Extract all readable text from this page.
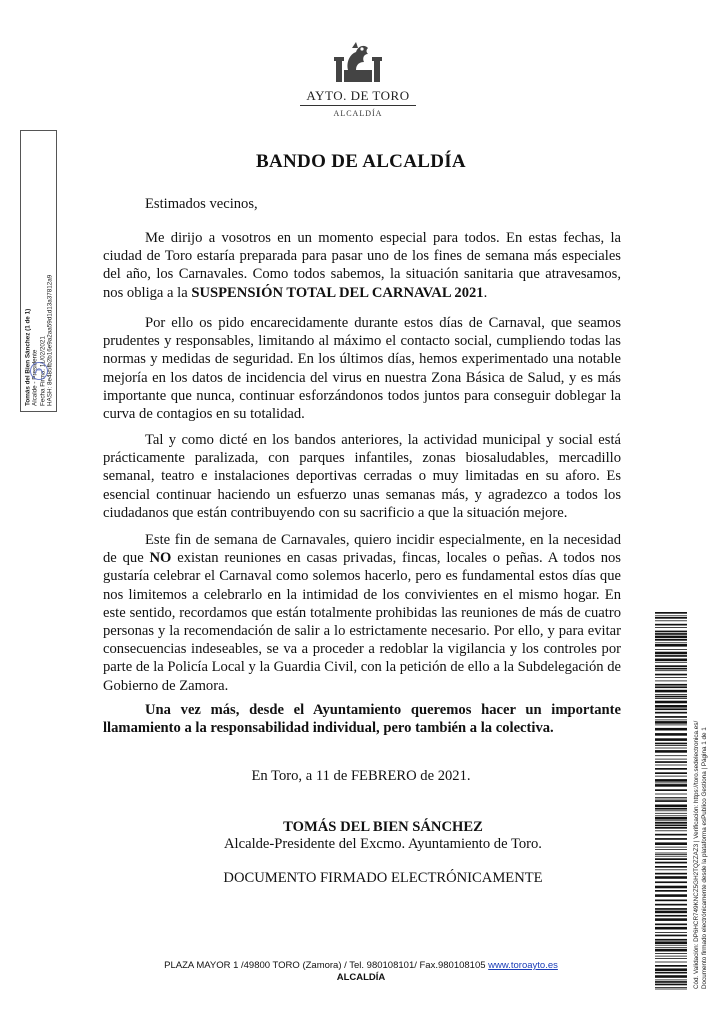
AYTO. DE TORO
ALCALDÍA
Tomás del Bien Sánchez (1 de 1) Alcalde - Presidente Fecha Firma: 11/02/2021 HASH: 8e485fb2b16e9a2aa59d1d13a37812a9
BANDO DE ALCALDÍA
Estimados vecinos,

Me dirijo a vosotros en un momento especial para todos. En estas fechas, la ciudad de Toro estaría preparada para pasar uno de los fines de semana más especiales del año, los Carnavales. Como todos sabemos, la situación sanitaria que atravesamos, nos obliga a la SUSPENSIÓN TOTAL DEL CARNAVAL 2021.

Por ello os pido encarecidamente durante estos días de Carnaval, que seamos prudentes y responsables, limitando al máximo el contacto social, cumpliendo todas las normas y medidas de seguridad. En los últimos días, hemos experimentado una notable mejoría en los datos de incidencia del virus en nuestra Zona Básica de Salud, y es más importante que nunca, continuar esforzándonos todos juntos para conseguir doblegar la curva de contagios en su totalidad.

Tal y como dicté en los bandos anteriores, la actividad municipal y social está prácticamente paralizada, con parques infantiles, zonas biosaludables, mercadillo semanal, teatro e instalaciones deportivas cerradas o muy limitadas en su aforo. Es esencial continuar haciendo un esfuerzo unas semanas más, y agradezco a todos los ciudadanos que están contribuyendo con su sacrificio a que la situación mejore.

Este fin de semana de Carnavales, quiero incidir especialmente, en la necesidad de que NO existan reuniones en casas privadas, fincas, locales o peñas. A todos nos gustaría celebrar el Carnaval como solemos hacerlo, pero es fundamental estos días que nos limitemos a celebrarlo en la intimidad de los convivientes en el mismo hogar. En este sentido, recordamos que están totalmente prohibidas las reuniones de más de cuatro personas y la recomendación de salir a lo estrictamente necesario. Por ello, y para evitar consecuencias indeseables, se va a proceder a redoblar la vigilancia y los controles por parte de la Policía Local y la Guardia Civil, con la petición de ello a la Subdelegación de Gobierno de Zamora.

Una vez más, desde el Ayuntamiento queremos hacer un importante llamamiento a la responsabilidad individual, pero también a la colectiva.

En Toro, a 11 de FEBRERO de 2021.
TOMÁS DEL BIEN SÁNCHEZ
Alcalde-Presidente del Excmo. Ayuntamiento de Toro.
DOCUMENTO FIRMADO ELECTRÓNICAMENTE
PLAZA MAYOR 1 /49800 TORO (Zamora) / Tel. 980108101/ Fax.980108105 www.toroayto.es
ALCALDÍA	Cód. Validación: DP6HCR749KNCZ5GH2TQZZAZ3 | Verificación: https://toro.sedelectronica.es/ Documento firmado electrónicamente desde la plataforma esPublico Gestiona | Página 1 de 1
